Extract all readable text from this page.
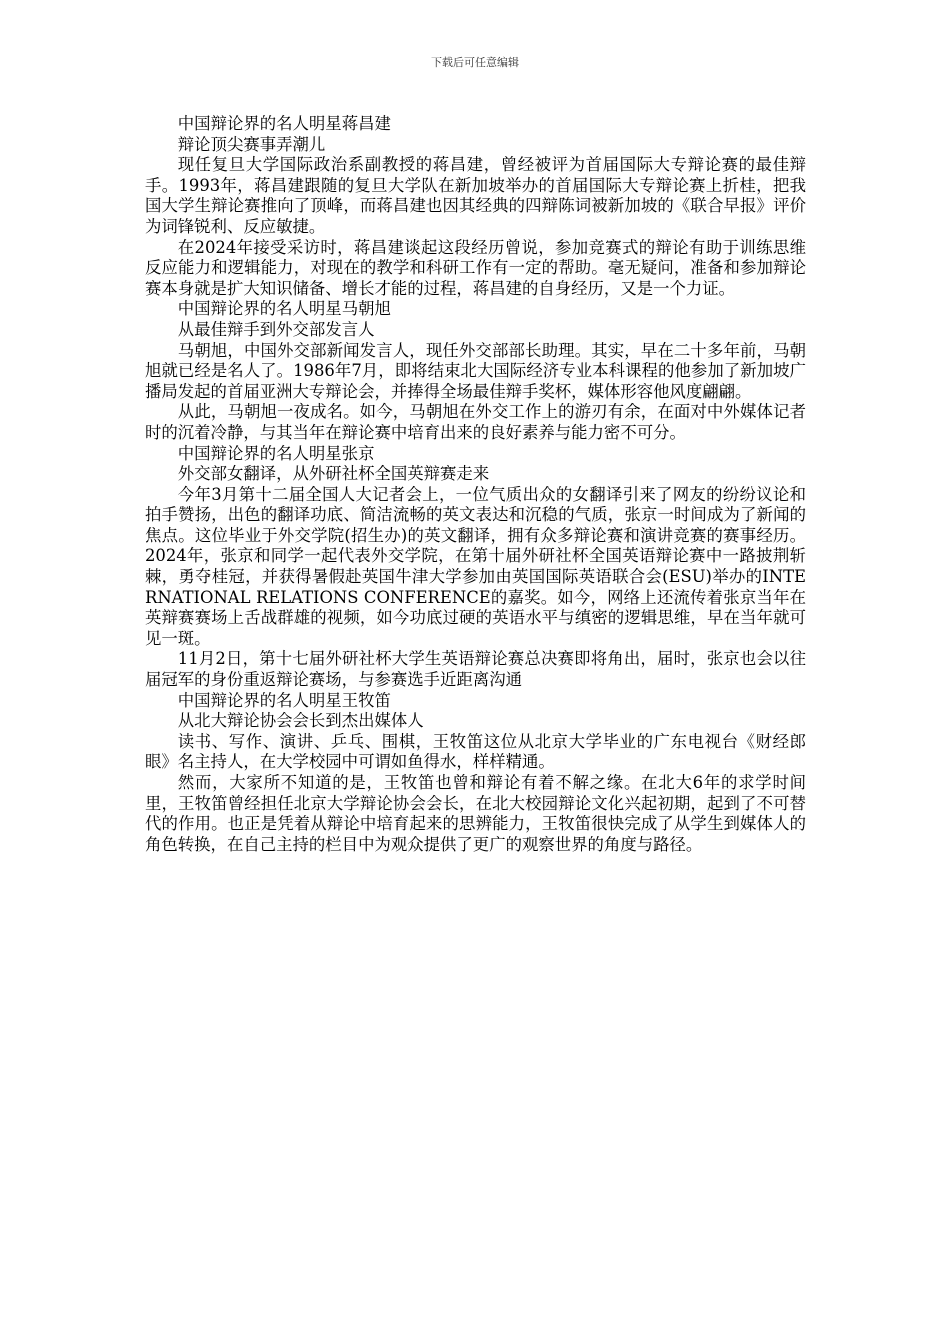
下载后可任意编辑

中国辩论界的名人明星蒋昌建

辩论顶尖赛事弄潮儿

现任复旦大学国际政治系副教授的蒋昌建，曾经被评为首届国际大专辩论赛的最佳辩手。1993年，蒋昌建跟随的复旦大学队在新加坡举办的首届国际大专辩论赛上折桂，把我国大学生辩论赛推向了顶峰，而蒋昌建也因其经典的四辩陈词被新加坡的《联合早报》评价为词锋锐利、反应敏捷。

在2024年接受采访时，蒋昌建谈起这段经历曾说，参加竞赛式的辩论有助于训练思维反应能力和逻辑能力，对现在的教学和科研工作有一定的帮助。毫无疑问，准备和参加辩论赛本身就是扩大知识储备、增长才能的过程，蒋昌建的自身经历，又是一个力证。

中国辩论界的名人明星马朝旭

从最佳辩手到外交部发言人

马朝旭，中国外交部新闻发言人，现任外交部部长助理。其实，早在二十多年前，马朝旭就已经是名人了。1986年7月，即将结束北大国际经济专业本科课程的他参加了新加坡广播局发起的首届亚洲大专辩论会，并捧得全场最佳辩手奖杯，媒体形容他风度翩翩。

从此，马朝旭一夜成名。如今，马朝旭在外交工作上的游刃有余，在面对中外媒体记者时的沉着冷静，与其当年在辩论赛中培育出来的良好素养与能力密不可分。

中国辩论界的名人明星张京

外交部女翻译，从外研社杯全国英辩赛走来

今年3月第十二届全国人大记者会上，一位气质出众的女翻译引来了网友的纷纷议论和拍手赞扬，出色的翻译功底、简洁流畅的英文表达和沉稳的气质，张京一时间成为了新闻的焦点。这位毕业于外交学院(招生办)的英文翻译，拥有众多辩论赛和演讲竞赛的赛事经历。2024年，张京和同学一起代表外交学院，在第十届外研社杯全国英语辩论赛中一路披荆斩棘，勇夺桂冠，并获得暑假赴英国牛津大学参加由英国国际英语联合会(ESU)举办的INTERNATIONAL RELATIONS CONFERENCE的嘉奖。如今，网络上还流传着张京当年在英辩赛赛场上舌战群雄的视频，如今功底过硬的英语水平与缜密的逻辑思维，早在当年就可见一斑。

11月2日，第十七届外研社杯大学生英语辩论赛总决赛即将角出，届时，张京也会以往届冠军的身份重返辩论赛场，与参赛选手近距离沟通

中国辩论界的名人明星王牧笛

从北大辩论协会会长到杰出媒体人

读书、写作、演讲、乒乓、围棋，王牧笛这位从北京大学毕业的广东电视台《财经郎眼》名主持人，在大学校园中可谓如鱼得水，样样精通。

然而，大家所不知道的是，王牧笛也曾和辩论有着不解之缘。在北大6年的求学时间里，王牧笛曾经担任北京大学辩论协会会长，在北大校园辩论文化兴起初期，起到了不可替代的作用。也正是凭着从辩论中培育起来的思辨能力，王牧笛很快完成了从学生到媒体人的角色转换，在自己主持的栏目中为观众提供了更广的观察世界的角度与路径。
